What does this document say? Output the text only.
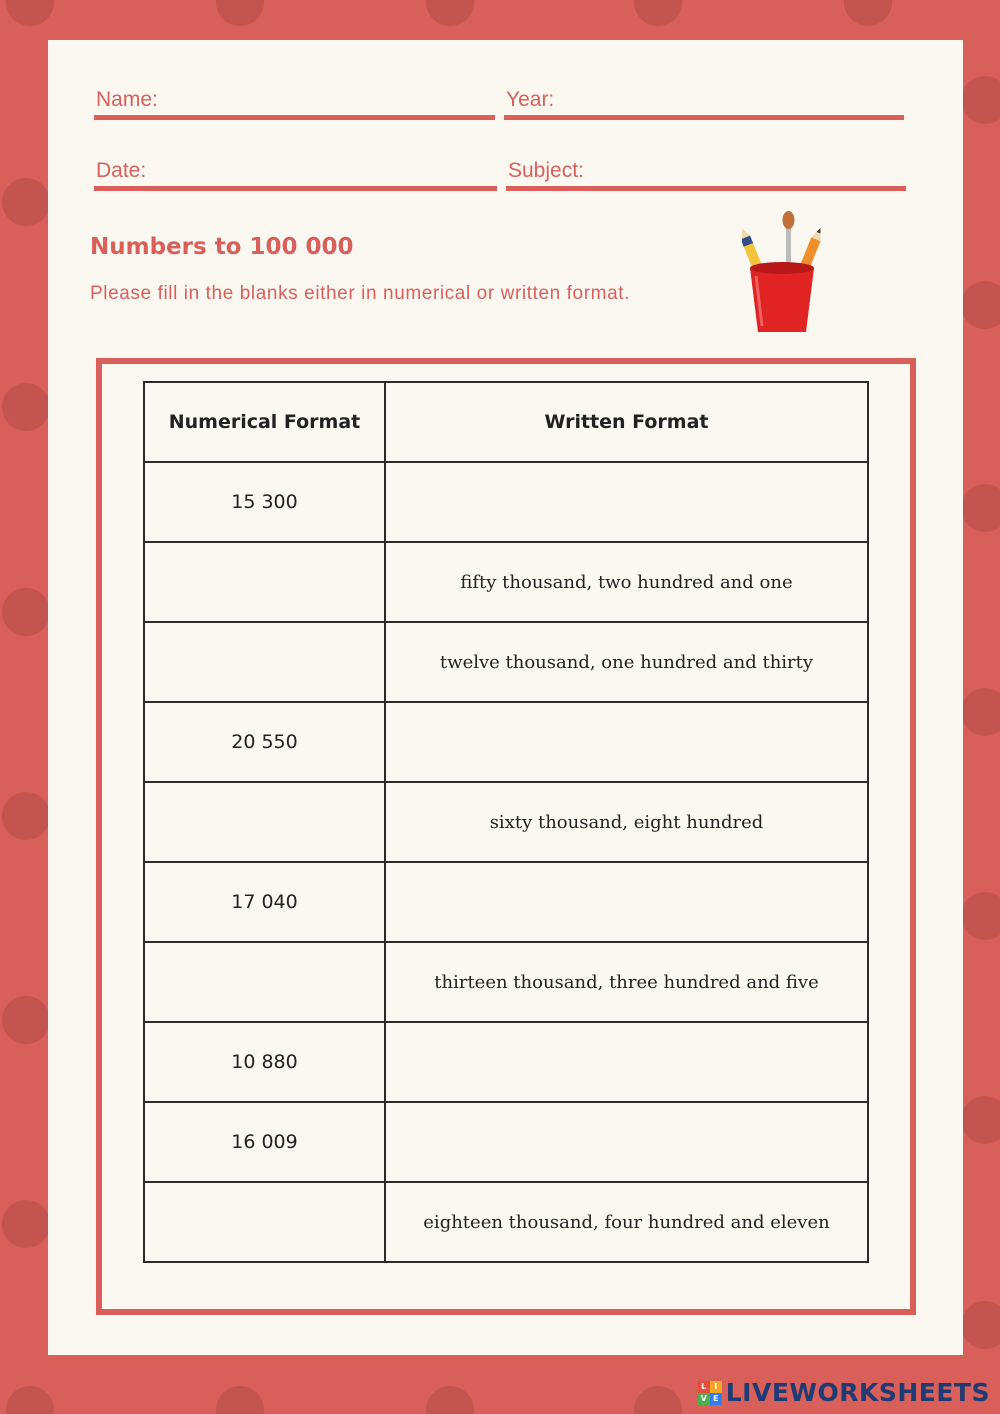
Name:	Year:
Date:	Subject:
Numbers to 100 000
Please fill in the blanks either in numerical or written format.
Numerical Format	Written Format
15 300	
	fifty thousand, two hundred and one
	twelve thousand, one hundred and thirty
20 550	
	sixty thousand, eight hundred
17 040	
	thirteen thousand, three hundred and five
10 880	
16 009	
	eighteen thousand, four hundred and eleven
L I
V E LIVEWORKSHEETS
